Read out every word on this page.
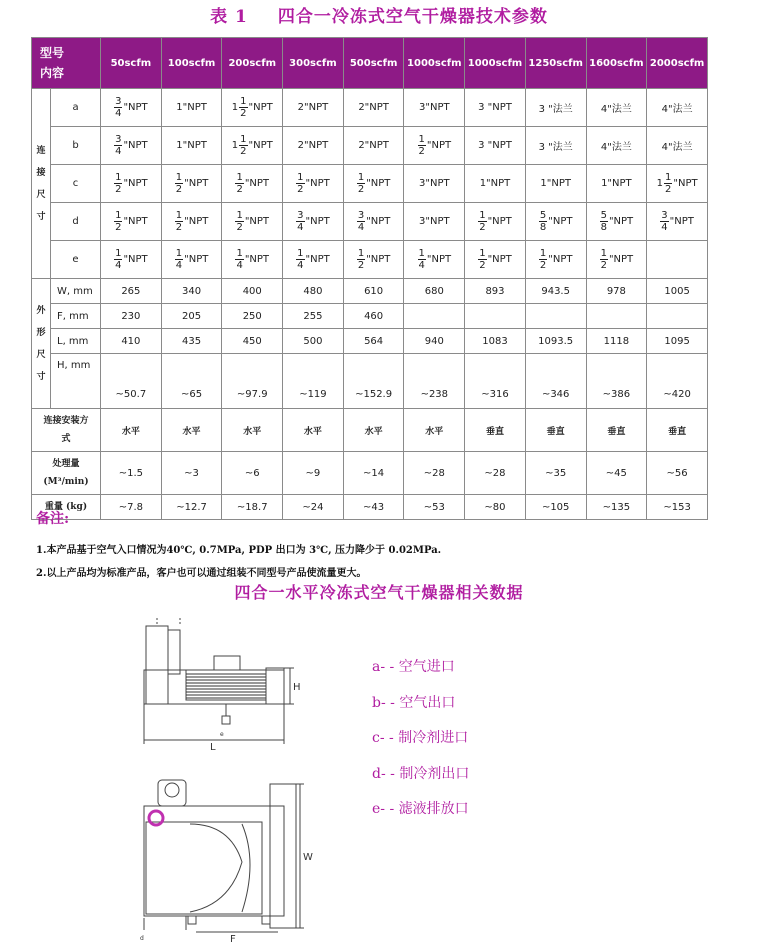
表 1 四合一冷冻式空气干燥器技术参数
型号
内容		50scfm	100scfm	200scfm	300scfm	500scfm	1000scfm	1000scfm	1250scfm	1600scfm	2000scfm
连
接
尺
寸	a	$\frac{3}{4}$ "NPT	1"NPT	$1 \frac{1}{2}$ "NPT	2"NPT	2"NPT	3"NPT	3 "NPT	3 "法兰	4"法兰	4"法兰
	b	$\frac{3}{4}$ "NPT	1"NPT	$1 \frac{1}{2}$ "NPT	2"NPT	2"NPT	$\frac{1}{2}$ "NPT	3 "NPT	3 "法兰	4"法兰	4"法兰
	c	$\frac{1}{2}$ "NPT	$\frac{1}{2}$ "NPT	$\frac{1}{2}$ "NPT	$\frac{1}{2}$ "NPT	$\frac{1}{2}$ "NPT	3"NPT	1"NPT	1"NPT	1"NPT	$1 \frac{1}{2}$ "NPT

	d	$\frac{1}{2}$ "NPT	$\frac{1}{2}$ "NPT	$\frac{1}{2}$ "NPT	$\frac{3}{4}$ "NPT	$\frac{3}{4}$ "NPT	3"NPT	$\frac{1}{2}$ "NPT	$\frac{5}{8}$ "NPT	$\frac{5}{8}$ "NPT	$\frac{3}{4}$ "NPT

	e	$\frac{1}{4}$ "NPT	$\frac{1}{4}$ "NPT	$\frac{1}{4}$ "NPT	$\frac{1}{4}$ "NPT	$\frac{1}{2}$ "NPT	$\frac{1}{4}$ "NPT	$\frac{1}{2}$ "NPT	$\frac{1}{2}$ "NPT	$\frac{1}{2}$ "NPT	

外
形
尺
寸	W, mm	265	340	400	480	610	680	893	943.5	978	1005
	F, mm	230	205	250	255	460					
	L, mm	410	435	450	500	564	940	1083	1093.5	1118	1095
	H, mm	~50.7	~65	~97.9	~119	~152.9	~238	~316	~346	~386	~420
连接安装方式		水平	水平	水平	水平	水平	水平	垂直	垂直	垂直	垂直
处理量
(M³/min)		~1.5	~3	~6	~9	~14	~28	~28	~35	~45	~56
重量 (kg)		~7.8	~12.7	~18.7	~24	~43	~53	~80	~105	~135	~153
备注:
1.本产品基于空气入口情况为40℃, 0.7MPa, PDP 出口为 3℃, 压力降少于 0.02MPa.
2.以上产品均为标准产品，客户也可以通过组装不同型号产品使流量更大。
四合一水平冷冻式空气干燥器相关数据
H
L
e
W
F
d
a- - 空气进口
b- - 空气出口
c- - 制冷剂进口
d- - 制冷剂出口
e- - 滤液排放口
